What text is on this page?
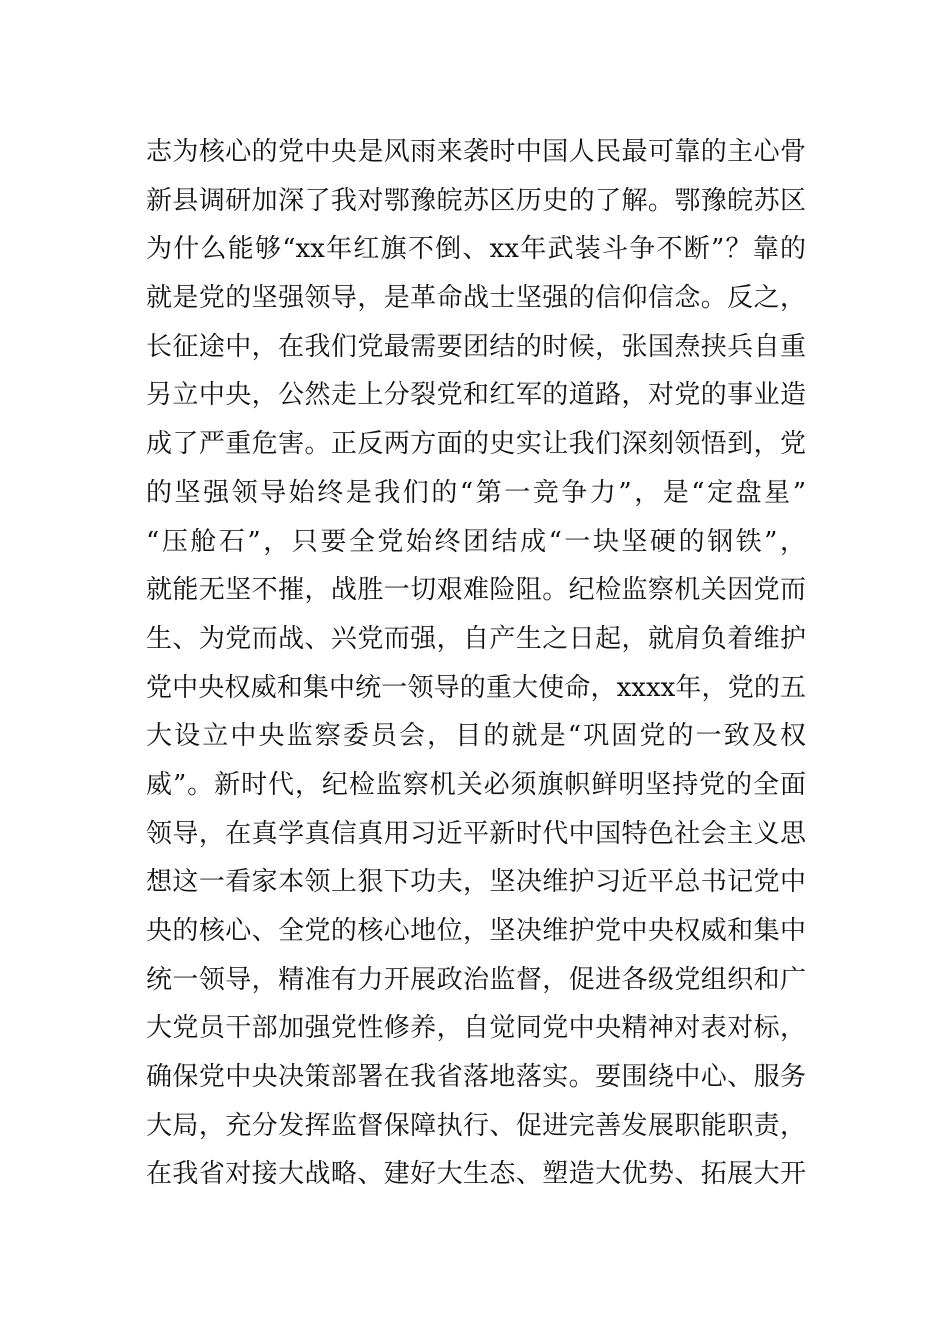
志为核心的党中央是风雨来袭时中国人民最可靠的主心骨
新县调研加深了我对鄂豫皖苏区历史的了解。鄂豫皖苏区
为什么能够“xx年红旗不倒、xx年武装斗争不断”？靠的
就是党的坚强领导，是革命战士坚强的信仰信念。反之，
长征途中，在我们党最需要团结的时候，张国焘挟兵自重
另立中央，公然走上分裂党和红军的道路，对党的事业造
成了严重危害。正反两方面的史实让我们深刻领悟到，党
的坚强领导始终是我们的“第一竞争力”，是“定盘星”
“压舱石”，只要全党始终团结成“一块坚硬的钢铁”，
就能无坚不摧，战胜一切艰难险阻。纪检监察机关因党而
生、为党而战、兴党而强，自产生之日起，就肩负着维护
党中央权威和集中统一领导的重大使命，xxxx年，党的五
大设立中央监察委员会，目的就是“巩固党的一致及权
威”。新时代，纪检监察机关必须旗帜鲜明坚持党的全面
领导，在真学真信真用习近平新时代中国特色社会主义思
想这一看家本领上狠下功夫，坚决维护习近平总书记党中
央的核心、全党的核心地位，坚决维护党中央权威和集中
统一领导，精准有力开展政治监督，促进各级党组织和广
大党员干部加强党性修养，自觉同党中央精神对表对标，
确保党中央决策部署在我省落地落实。要围绕中心、服务
大局，充分发挥监督保障执行、促进完善发展职能职责，
在我省对接大战略、建好大生态、塑造大优势、拓展大开
